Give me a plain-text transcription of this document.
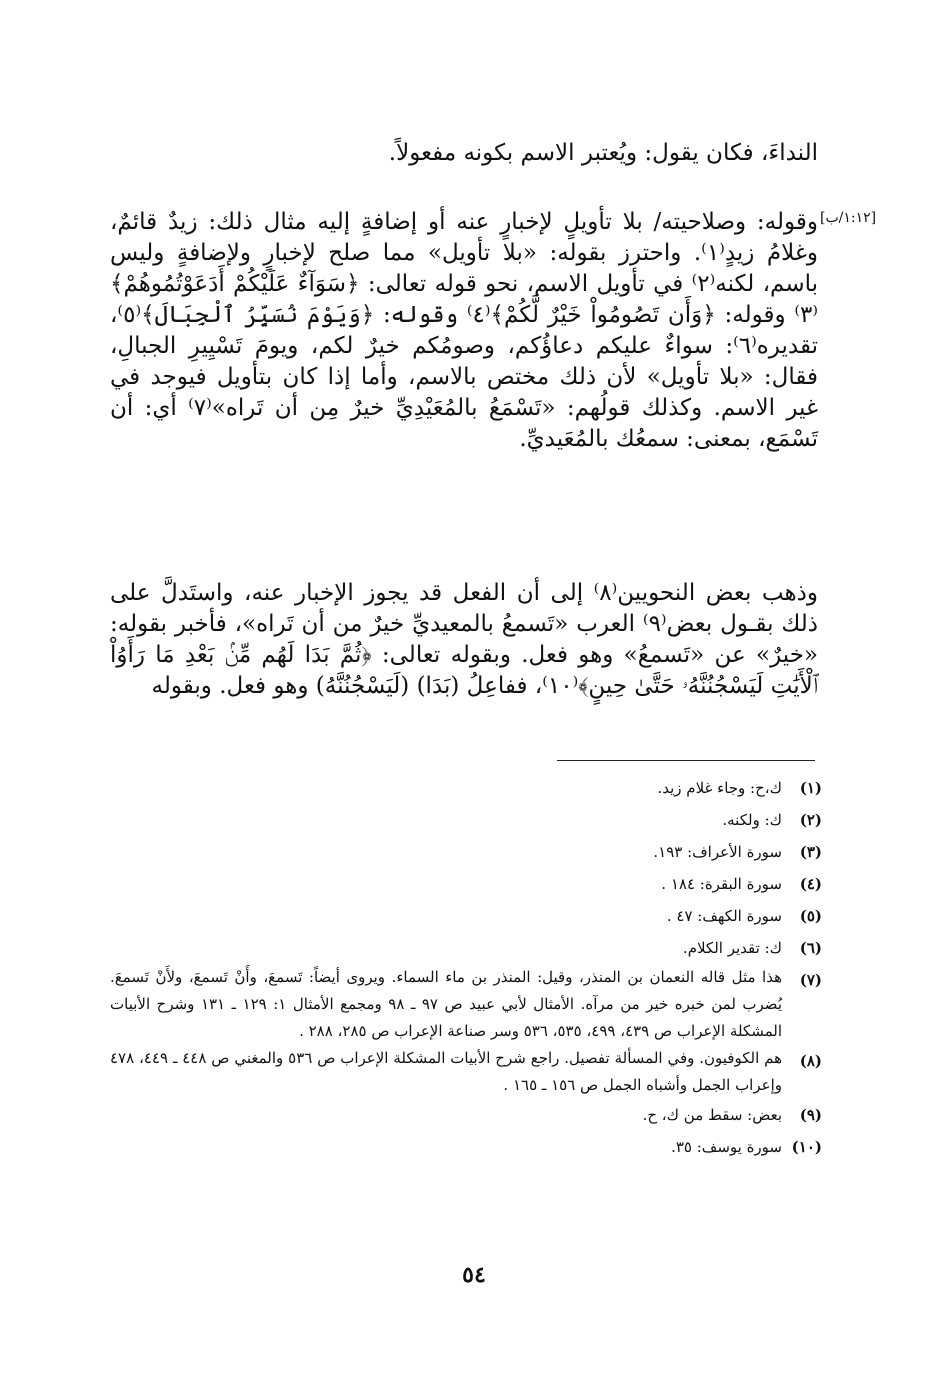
النداءَ، فكان يقول: ويُعتبر الاسم بكونه مفعولاً.
[١:١٢/ب]
وقوله: وصلاحيته/ بلا تأويلٍ لإخبارٍ عنه أو إضافةٍ إليه مثال ذلك: زيدٌ قائمٌ، وغلامُ زيدٍ⁽١⁾. واحترز بقوله: «بلا تأويل» مما صلح لإخبارٍ ولإضافةٍ وليس باسم، لكنه⁽٢⁾ في تأويل الاسم، نحو قوله تعالى: ﴿سَوَآءٌ عَلَيْكُمْ أَدَعَوْتُمُوهُمْ﴾⁽٣⁾ وقوله: ﴿وَأَن تَصُومُواْ خَيْرٌ لَّكُمْ﴾⁽٤⁾ وقوله: ﴿وَيَوْمَ نُسَيِّرُ ٱلْجِبَالَ﴾⁽٥⁾، تقديره⁽٦⁾: سواءٌ عليكم دعاؤُكم، وصومُكم خيرٌ لكم، ويومَ تَسْيِيرِ الجبالِ، فقال: «بلا تأويل» لأن ذلك مختص بالاسم، وأما إذا كان بتأويل فيوجد في غير الاسم. وكذلك قولُهم: «تَسْمَعُ بالمُعَيْدِيِّ خيرٌ مِن أن تَراه»⁽٧⁾ أي: أن تَسْمَع، بمعنى: سمعُك بالمُعَيديِّ.
وذهب بعض النحويين⁽٨⁾ إلى أن الفعل قد يجوز الإخبار عنه، واستَدلَّ على ذلك بقـول بعض⁽٩⁾ العرب «تَسمعُ بالمعيديِّ خيرٌ من أن تَراه»، فأخبر بقوله: «خيرٌ» عن «تَسمعُ» وهو فعل. وبقوله تعالى: ﴿ثُمَّ بَدَا لَهُم مِّنۢ بَعْدِ مَا رَأَوُاْ ٱلْأَيَٰتِ لَيَسْجُنُنَّهُۥ حَتَّىٰ حِينٍ﴾⁽١٠⁾، ففاعِلُ (بَدَا) (لَيَسْجُنُنَّهُ) وهو فعل. وبقوله
(١)
ك،ح: وجاء غلام زيد.
(٢)
ك: ولكنه.
(٣)
سورة الأعراف: ١٩٣.
(٤)
سورة البقرة: ١٨٤ .
(٥)
سورة الكهف: ٤٧ .
(٦)
ك: تقدير الكلام.
(٧)
هذا مثل قاله النعمان بن المنذر، وقيل: المنذر بن ماء السماء. ويروى أيضاً: تَسمعَ، وأَنْ تَسمعَ، ولأَنْ تَسمعَ. يُضرب لمن خبره خير من مرآه. الأمثال لأبي عبيد ص ٩٧ ـ ٩٨ ومجمع الأمثال ١: ١٢٩ ـ ١٣١ وشرح الأبيات المشكلة الإعراب ص ٤٣٩، ٤٩٩، ٥٣٥، ٥٣٦ وسر صناعة الإعراب ص ٢٨٥، ٢٨٨ .
(٨)
هم الكوفيون. وفي المسألة تفصيل. راجع شرح الأبيات المشكلة الإعراب ص ٥٣٦ والمغني ص ٤٤٨ ـ ٤٤٩، ٤٧٨ وإعراب الجمل وأشباه الجمل ص ١٥٦ ـ ١٦٥ .
(٩)
بعض: سقط من ك، ح.
(١٠)
سورة يوسف: ٣٥.
٥٤
